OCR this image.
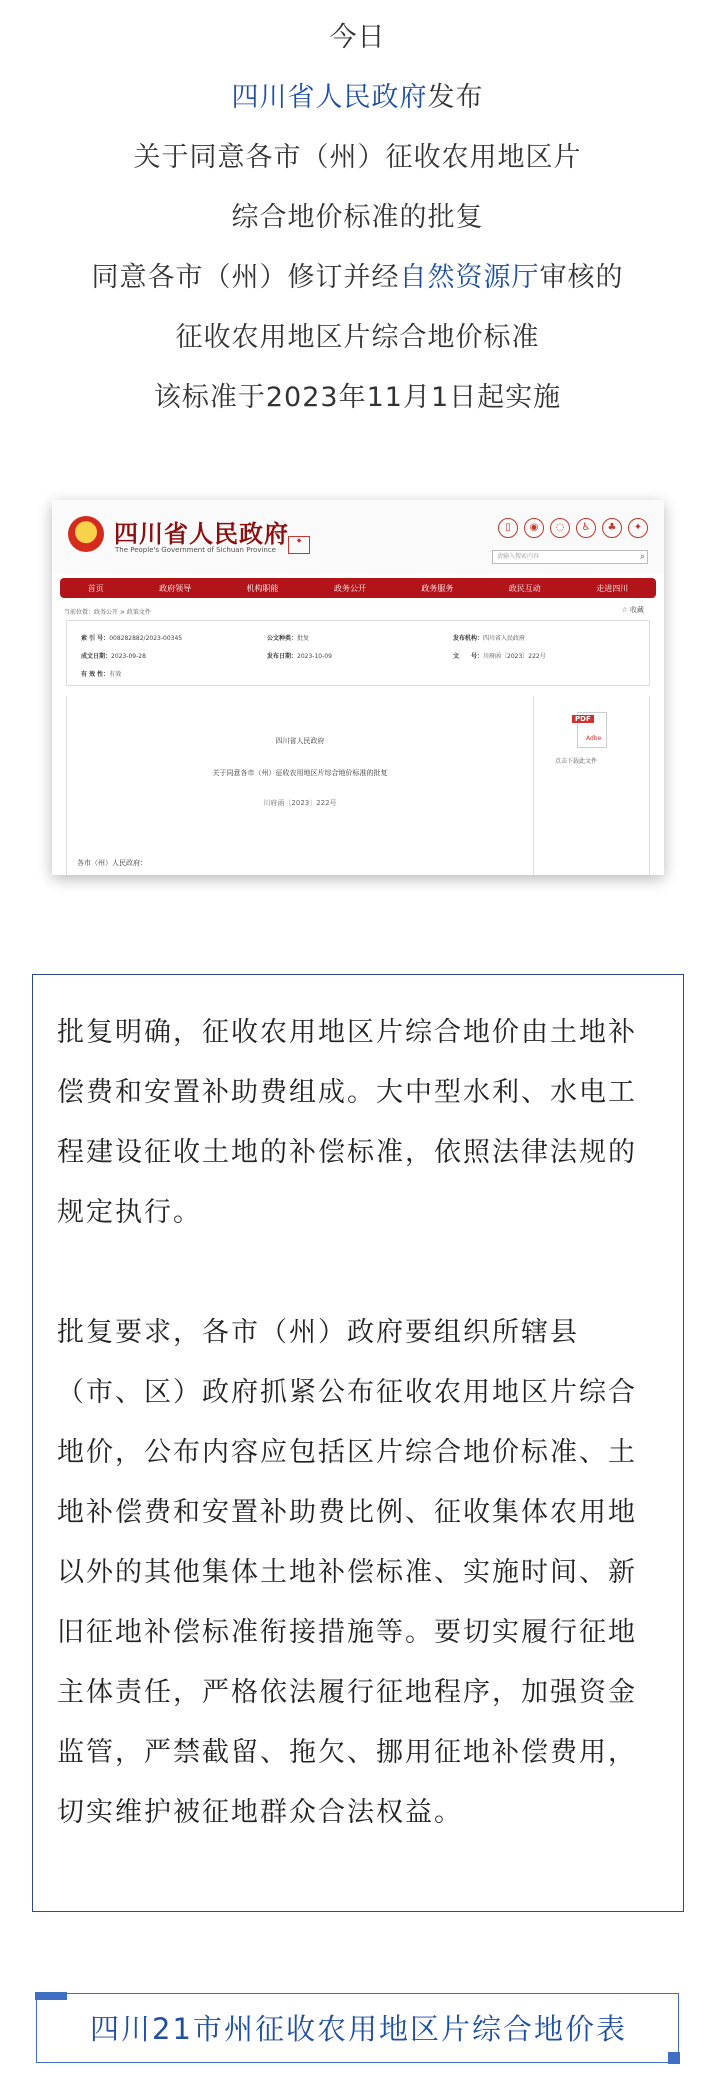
今日
四川省人民政府发布
关于同意各市（州）征收农用地区片
综合地价标准的批复
同意各市（州）修订并经自然资源厅审核的
征收农用地区片综合地价标准
该标准于2023年11月1日起实施
四川省人民政府
The People's Government of Sichuan Province
◆
▯	◉	◌	♿	♣	✦
请输入搜索内容	⌕
首页	政府领导	机构职能	政务公开	政务服务	政民互动	走进四川
当前位置：政务公开 > 政策文件	☆ 收藏
索 引 号：008282882/2023-00345	公文种类：批复	发布机构：四川省人民政府
成文日期：2023-09-28	发布日期：2023-10-09	文　　号：川府函〔2023〕222号
有 效 性：有效
四川省人民政府
关于同意各市（州）征收农用地区片综合地价标准的批复
川府函〔2023〕222号
各市（州）人民政府：
PDF
Adbe
点击下载此文件
批复明确，征收农用地区片综合地价由土地补偿费和安置补助费组成。大中型水利、水电工程建设征收土地的补偿标准，依照法律法规的规定执行。
批复要求，各市（州）政府要组织所辖县（市、区）政府抓紧公布征收农用地区片综合地价，公布内容应包括区片综合地价标准、土地补偿费和安置补助费比例、征收集体农用地以外的其他集体土地补偿标准、实施时间、新旧征地补偿标准衔接措施等。要切实履行征地主体责任，严格依法履行征地程序，加强资金监管，严禁截留、拖欠、挪用征地补偿费用，切实维护被征地群众合法权益。
四川21市州征收农用地区片综合地价表
